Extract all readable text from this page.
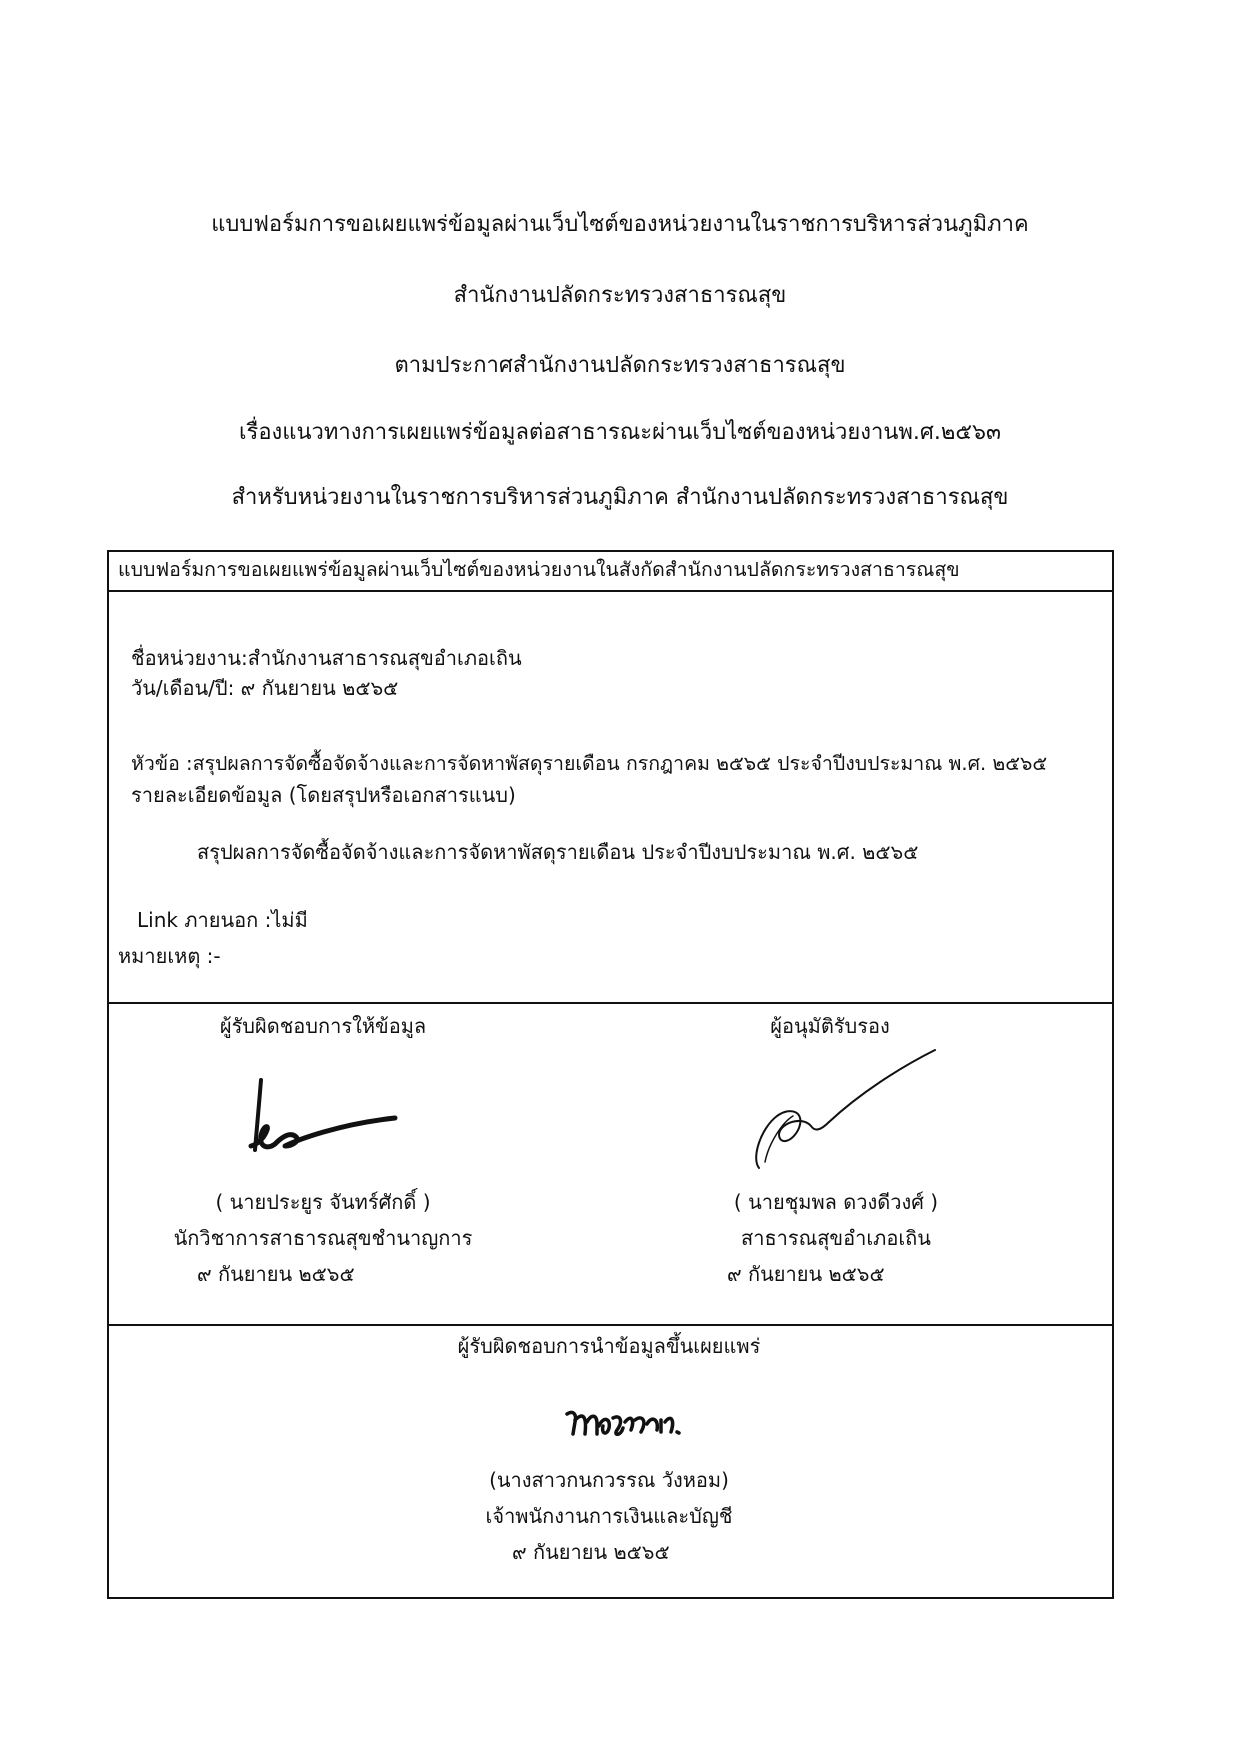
แบบฟอร์มการขอเผยแพร่ข้อมูลผ่านเว็บไซต์ของหน่วยงานในราชการบริหารส่วนภูมิภาค
สำนักงานปลัดกระทรวงสาธารณสุข
ตามประกาศสำนักงานปลัดกระทรวงสาธารณสุข
เรื่องแนวทางการเผยแพร่ข้อมูลต่อสาธารณะผ่านเว็บไซต์ของหน่วยงานพ.ศ.๒๕๖๓
สำหรับหน่วยงานในราชการบริหารส่วนภูมิภาค สำนักงานปลัดกระทรวงสาธารณสุข
แบบฟอร์มการขอเผยแพร่ข้อมูลผ่านเว็บไซต์ของหน่วยงานในสังกัดสำนักงานปลัดกระทรวงสาธารณสุข
ชื่อหน่วยงาน:สำนักงานสาธารณสุขอำเภอเถิน
วัน/เดือน/ปี: ๙ กันยายน ๒๕๖๕
หัวข้อ :สรุปผลการจัดซื้อจัดจ้างและการจัดหาพัสดุรายเดือน กรกฎาคม ๒๕๖๕ ประจำปีงบประมาณ พ.ศ. ๒๕๖๕
รายละเอียดข้อมูล (โดยสรุปหรือเอกสารแนบ)
สรุปผลการจัดซื้อจัดจ้างและการจัดหาพัสดุรายเดือน ประจำปีงบประมาณ พ.ศ. ๒๕๖๕
Link ภายนอก :ไม่มี
หมายเหตุ :-
ผู้รับผิดชอบการให้ข้อมูล
( นายประยูร จันทร์ศักดิ์ )
นักวิชาการสาธารณสุขชำนาญการ
๙ กันยายน ๒๕๖๕
ผู้อนุมัติรับรอง
( นายชุมพล ดวงดีวงศ์ )
สาธารณสุขอำเภอเถิน
๙ กันยายน ๒๕๖๕
ผู้รับผิดชอบการนำข้อมูลขึ้นเผยแพร่
(นางสาวกนกวรรณ วังหอม)
เจ้าพนักงานการเงินและบัญชี
๙ กันยายน ๒๕๖๕
